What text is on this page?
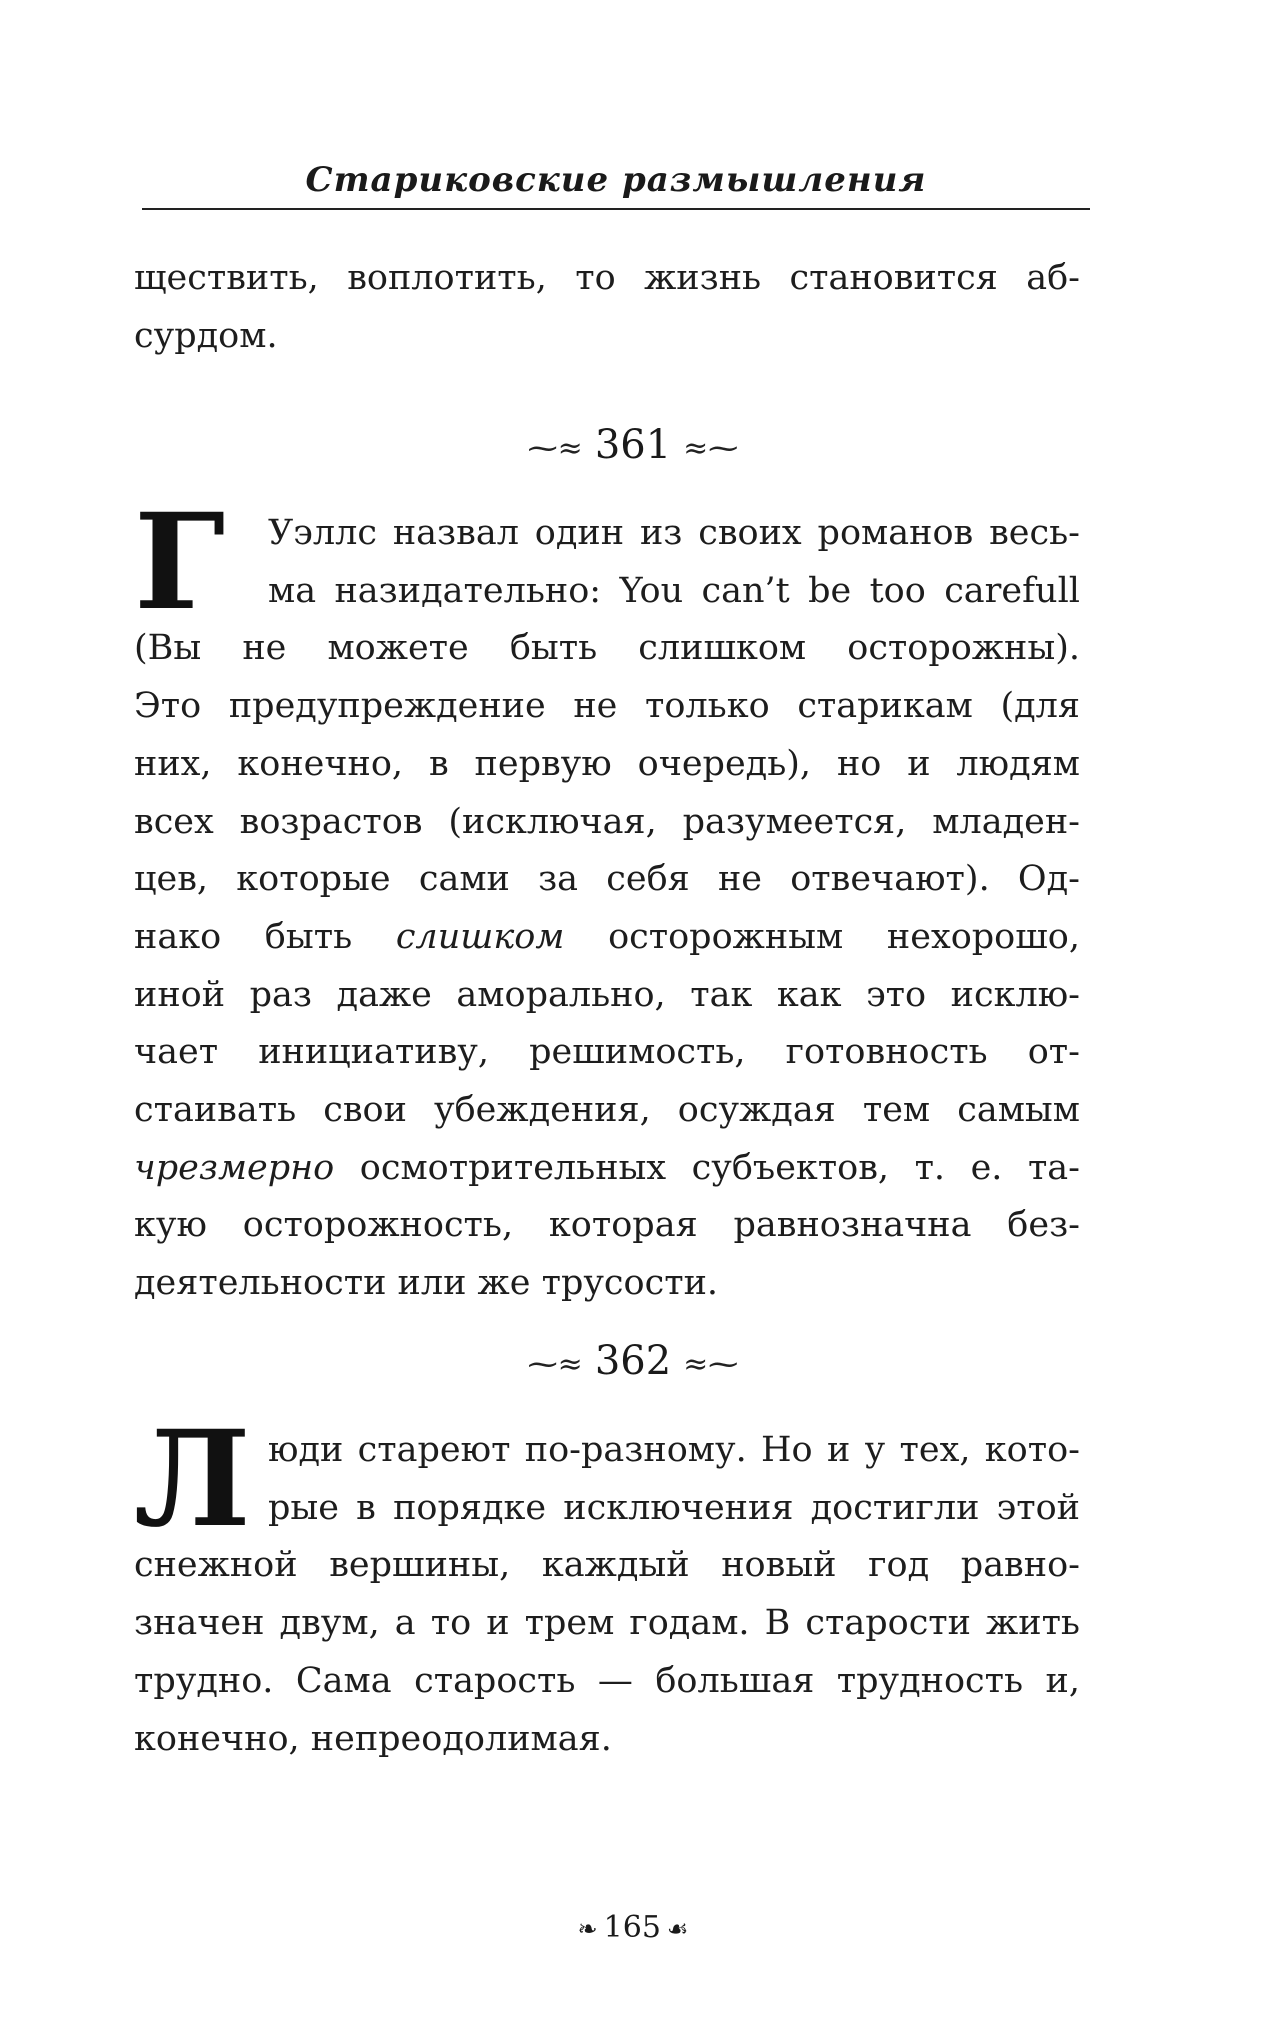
Стариковские размышления

ществить, воплотить, то жизнь становится аб-
сурдом.

⁓≈ 361 ≈⁓

Г	Уэллс назвал один из своих романов весь-
ма назидательно: You can’t be too carefull
(Вы не можете быть слишком осторожны).
Это предупреждение не только старикам (для
них, конечно, в первую очередь), но и людям
всех возрастов (исключая, разумеется, младен-
цев, которые сами за себя не отвечают). Од-
нако быть слишком осторожным нехорошо,
иной раз даже аморально, так как это исклю-
чает инициативу, решимость, готовность от-
стаивать свои убеждения, осуждая тем самым
чрезмерно осмотрительных субъектов, т. е. та-
кую осторожность, которая равнозначна без-
деятельности или же трусости.

⁓≈ 362 ≈⁓

Л юди стареют по-разному. Но и у тех, кото-
рые в порядке исключения достигли этой
снежной вершины, каждый новый год равно-
значен двум, а то и трем годам. В старости жить
трудно. Сама старость — большая трудность и,
конечно, непреодолимая.

❧ 165 ☙
